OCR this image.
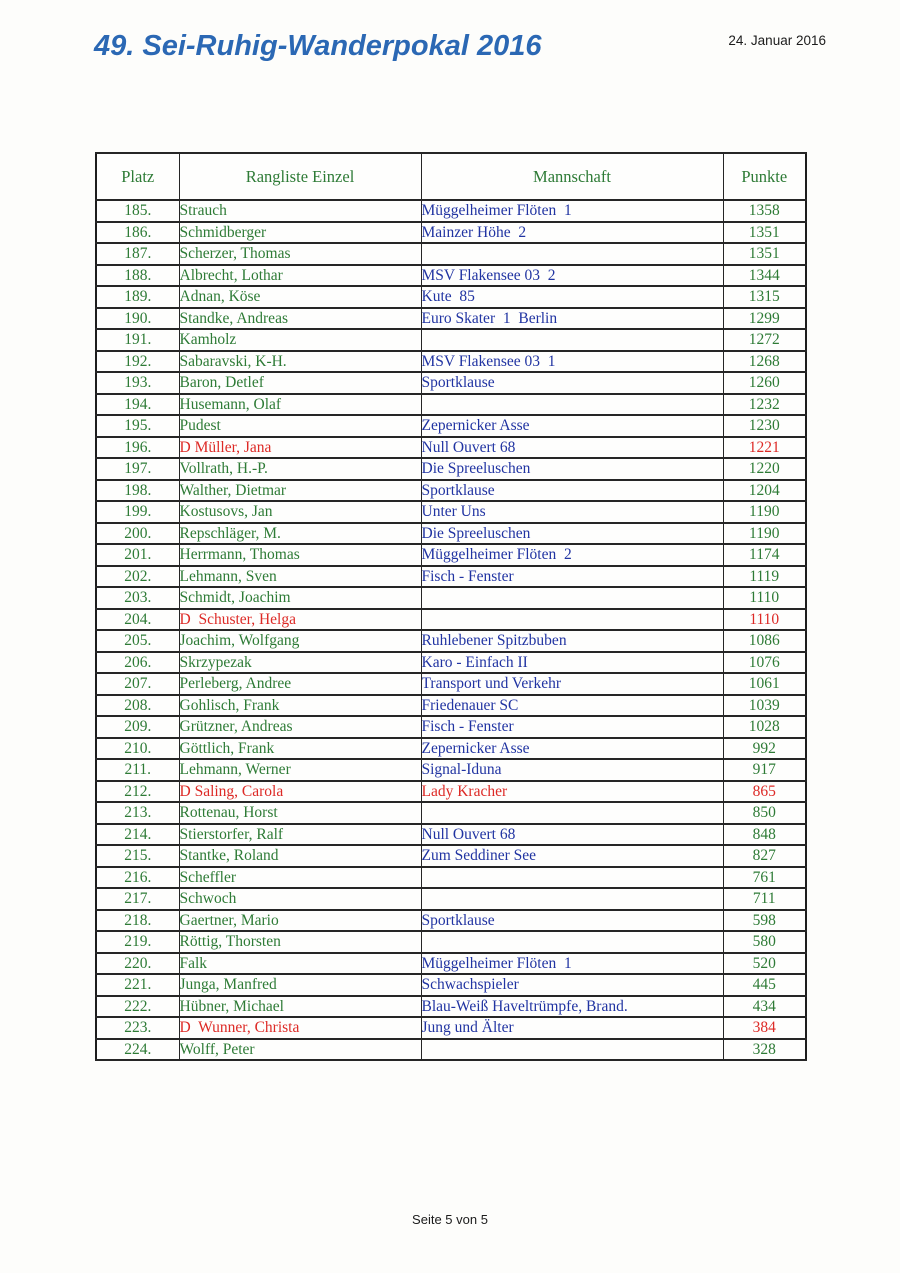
49. Sei-Ruhig-Wanderpokal 2016	24. Januar 2016
Platz	Rangliste Einzel	Mannschaft	Punkte
185.	Strauch	Müggelheimer Flöten  1	1358
186.	Schmidberger	Mainzer Höhe  2	1351
187.	Scherzer, Thomas		1351
188.	Albrecht, Lothar	MSV Flakensee 03  2	1344
189.	Adnan, Köse	Kute  85	1315
190.	Standke, Andreas	Euro Skater  1  Berlin	1299
191.	Kamholz		1272
192.	Sabaravski, K-H.	MSV Flakensee 03  1	1268
193.	Baron, Detlef	Sportklause	1260
194.	Husemann, Olaf		1232
195.	Pudest	Zepernicker Asse	1230
196.	D Müller, Jana	Null Ouvert 68	1221
197.	Vollrath, H.-P.	Die Spreeluschen	1220
198.	Walther, Dietmar	Sportklause	1204
199.	Kostusovs, Jan	Unter Uns	1190
200.	Repschläger, M.	Die Spreeluschen	1190
201.	Herrmann, Thomas	Müggelheimer Flöten  2	1174
202.	Lehmann, Sven	Fisch - Fenster	1119
203.	Schmidt, Joachim		1110
204.	D  Schuster, Helga		1110
205.	Joachim, Wolfgang	Ruhlebener Spitzbuben	1086
206.	Skrzypezak	Karo - Einfach II	1076
207.	Perleberg, Andree	Transport und Verkehr	1061
208.	Gohlisch, Frank	Friedenauer SC	1039
209.	Grützner, Andreas	Fisch - Fenster	1028
210.	Göttlich, Frank	Zepernicker Asse	992
211.	Lehmann, Werner	Signal-Iduna	917
212.	D Saling, Carola	Lady Kracher	865
213.	Rottenau, Horst		850
214.	Stierstorfer, Ralf	Null Ouvert 68	848
215.	Stantke, Roland	Zum Seddiner See	827
216.	Scheffler		761
217.	Schwoch		711
218.	Gaertner, Mario	Sportklause	598
219.	Röttig, Thorsten		580
220.	Falk	Müggelheimer Flöten  1	520
221.	Junga, Manfred	Schwachspieler	445
222.	Hübner, Michael	Blau-Weiß Haveltrümpfe, Brand.	434
223.	D  Wunner, Christa	Jung und Älter	384
224.	Wolff, Peter		328
Seite 5 von 5
